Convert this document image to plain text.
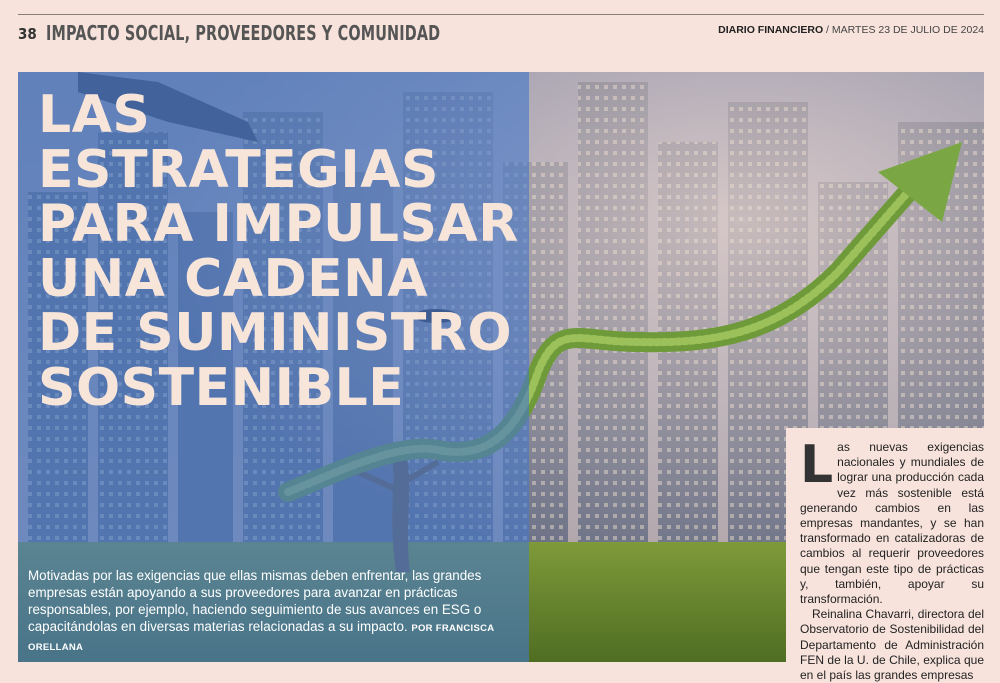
38 IMPACTO SOCIAL, PROVEEDORES Y COMUNIDAD	DIARIO FINANCIERO / MARTES 23 DE JULIO DE 2024
LAS
ESTRATEGIAS
PARA IMPULSAR
UNA CADENA
DE SUMINISTRO
SOSTENIBLE
Motivadas por las exigencias que ellas mismas deben enfrentar, las grandes empresas están apoyando a sus proveedores para avanzar en prácticas responsables, por ejemplo, haciendo seguimiento de sus avances en ESG o capacitándolas en diversas materias relacionadas a su impacto. POR FRANCISCA ORELLANA

Las nuevas exigencias nacionales y mundiales de lograr una producción cada vez más sostenible está generando cambios en las empresas mandantes, y se han transformado en catalizadoras de cambios al requerir proveedores que tengan este tipo de prácticas y, también, apoyar su transformación.

Reinalina Chavarri, directora del Observatorio de Sostenibilidad del Departamento de Administración FEN de la U. de Chile, explica que en el país las grandes empresas
